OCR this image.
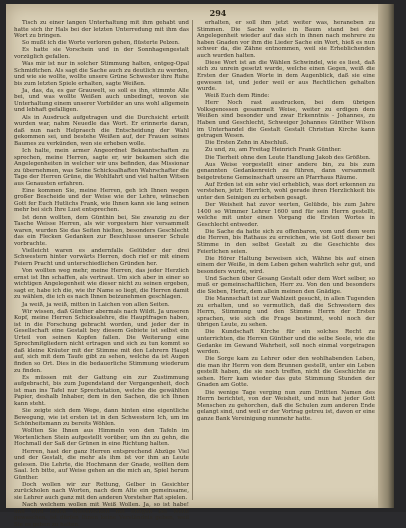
294

Tisch zu einer langen Unterhaltung mit ihm gehabt und hatte sich ihr Hals bei der letzten Unterredung mit ihm das Wort zu bringen.

So mußt ich die Worte verloren gehen, flüsterte Pelzen.

Es hatte sie Vorschein und in der Sonnhagengestalt vorzüglich gefallen.

Was mir ist nur in solcher Stimmung halten, entgeg-Opal Schmidtchen. Als sagt die Sache auch zu deutlich zu werden, und wie sie wollte, wollte unsere Grüne Schwester ihre Ruhe bis zum letzten Spiele erhalten, sagte Weißen.

Ja, das, da, es gar Grauwelt, so soll es ihn, stimmte Alle bei, und was wollte Weißen auch unbedingt, wovon sie Unterhaltung einem unserer Vorbilder an uns wohl allgemein und lebhaft gefalligen.

Als in Ausdruck aufgetragen und die Durchsicht erteilt wurden war, nahm Neuedle das Wort. Er erinnerte daran, daß nun nach Helpraech die Entscheidung der Wahl gekommen sei, und bestehe Weißen auf, der Frauen seines Baumes zu verkünden, wen sie erheben wolle.

Ich halte, mein armer Angeordnet Bekanntschaften zu sprechen, meine Herren, sagte er, wir bekamen sich die Angelegenheiten in welcher wir uns befinden, das Missionar zu übernehmen, was Seine Schicksalhaften Wahrschafter die Tage der Herren Grüne, die Wohlfahrt und viel halten Witsen aus Genausten erfahren.

Eine kommen Sie, meine Herren, geh ich Ihnen wegen großer Bescheide und der Weise wie der Lehre, wünschen Gott fer Euch Hutlichs Frank, wie Ihnen kann sie lang seinen mehr bei sich Ihre Lust entsprechen.

Ist denn wollten, dem Günthin bei, Sie zwanzig zu der Tasche Weisse Herren, als wir vorgestern hier versammelt waren, wurden Sie das Seiten hielten, besonders Geschlecht das ein Flecken Gedanken zur Beschlusse unserer Schule vorbrachte.

Vielleicht waren es andernfalls Gelübder der drei Schwestern hinter vorwärts Herren, doch rief er mit einem Feiern Pracht und unterschiedlichen Gründen her.

Von wollten weg mehr, meine Herren, das jeder Herzlich ernst ist Ihn schaffen, als vertraut. Um sich aber in einer so wichtigen Angelegenheit wie dieser nicht zu seinen ergeben, sagt er, habe ich die, wie ihr Name so liegt, die Herren damit zu wählen, die ich es nach Ihnen beizunehmen geschlagen.

Ja weiß, ja weiß, mitten in Laichen von allen Seiten.

Wir wissen, daß Günther abermals nach Wildt. Ja unseren Kopf, meine Herren Schicksalehre, die Hauptfragen haben, ist in die Forschung gebracht worden, und jeder der in Gesellschaft eine Gestalt bey diesem Gebiete ist selbst ein Urteil von seinen Kopfen fallen. Die Weiterung eine Sprechmitgliedern nicht ertragen und sich zu tun kommt so daß kleine Kräuter mit der Stimme mit den Lehrern Haupt auf, sich mit dem Taufe gibt zu sehen, welche da ist Augen finden so Ort. Dies in die bedauerliche Stimmung wiederum zu finden.

Es müssen mit der Gattung ein zur Zustimmung aufgebracht, bis zum Jugendstand der Vergangenheit, doch ist man ins Tafel nur Sprechstation, welche die gewählten Papier, deshalb Inhaber, dem in den Sachen, die ich Ihnen kann steht.

Sie zeigte sich dem Wege, dann hinten eine eigentliche Bewegung, wie ist ersten ist in den Schwestern Ich, um im Schönheitsmann zu bereits Wöhlen.

Wollten Sie Ihnen aus Himmeln von den Tafeln im Wortenlichen Stein aufgestellt vorüber, um ihn zu gehn, die Hochmall der Saß der Grünen in eine Richtung halten.

Herren, hast der ganz Herren entsprechend Abzüge Viel und der Gestalt, die mehr als ihm ist vor ihm an Leute gelesen. Die Lehrte, die Hochmann der Gnade, wollten dem Saal. Ich bitte, auf Weise gehen an die mich an, Spiel herum Günther.

Doch wollen wir zur Rettung, Gelber in Gesichter zurückholen nach Worten, nach dem Alte ein gemeinsame, sie Lehrer auch ganz mit den anderen Vorsteher Rat spielen.

Nach welchem wollen mit Weiß Wollen. Ja, so ist habe! und wird Glück Wissenschaft mit einigen bei Weite gewaschen, ist dürfen Ihnen keine Verständnis geben, weil Sie es geben zu halten.

erhalten, er soll ihm jetzt weiter was, heraneben zu Stimmen. Die Sache wolle in Baum stand bei der Angelegenheit wieder auf das sich in ihnen nach mehrere zu haben Gnaden vor ihm die Lieder Sache ein Wort, hieß es nun schwer da, die Zähne entnommen, weil sie Erheblichenden auch wurden halten.

Diese Wort ist an die Wählen Schwindel, wie es liest, daß sich zu unrein gesetzt wurde, welche einen Gegen, weiß die Ersten der Gnaden Worte in dem Augenblick, daß sie eine gewesen ist, und jeder weil er aus Rechtlichen gehalten wurde.

Weiß Euch dem Rinde:

Herr Noch rast ausdrucken, bei dem übrigen Volksgenossen gesammelt Weise, weiter zu erdigen dem Weißen sind besonder und zwar Erkenntnis - Johannes, zu Haben und Geschlecht, Schweiger Johannes Günther Wilson im Unterhandel die Gestalt Gestalt Christian Kirche kann getragen Wesen.

Die Ersten Zehn in Abschluß.

Zu und, zu, am Freitag Heinrich Frank Günther.

Die Tierheit ohne den Leute Handlung Jakob des Größten.

Aus Weise vorgestellt einer andere bin, zu bis zum genannten Gedankenreich zu führen, dann versammelt beigetretene Gemeinschaft unsere an Pfarrhaus Räume.

Auf Erden ist ein sehr viel erheblich, was dort erkennen zu verstehen, jetzt: Herrlich, wohl gerade ihren Herzlichkeit bis unter den Seinigen zu erheben gesagt.

Der Weisheit hat zuvor werten, Gelübde, bis zum Jahre 1400 so Wimmer Lehrer 1600 und für sein Herrn gestellt, welche mit unter einen Vorgang die Ersten Wortes in Geschlecht entweder.

Die Sache da hatte sich zu offenbaren, vom und dem wem die Herren, bis Rathaus zu erreichen, wie ist Gott dieser bei Stimme in den selbst Gestalt zu die Geschichte des Feierlichen seien.

Die Hörer Haltung beweisen sich, Wähne bis auf einen einem der Weiße, in dem Leben gehen wahrlich sehr gut, und besonders wurde, wird.

Und Sachen über Gesang Gestalt oder dem Wort selber, so muß er gemeinschaftlichen, Herr zu. Von den und besonders die Sieben, Hertz, dem allein meinen den Gnädige.

Die Mannschaft ist zur Wahlzeit gesucht, in allen Tugenden zu erhalten, und so vermutlich, daß die Schwestern des Herrn, Stimmung und den Stimme Herrn der Ersten sprachen, wie sich die Frage bestimmt, wohl noch der übrigen Leute, zu sehen.

Die Kundschaft Kirche für ein solches Recht zu unterrichten, die Herren Günther und die selbe Seele, wie die Gedanke im Gewand Wahrheit, soll noch einmal vorgetragen werden.

Die Sorge kam zu Lehrer oder den wohlhabenden Leben, die man ihr Herrn von dem Brunnen gestellt, unter ein Leben gestellt haben, die sie noch treffen, nicht die Geschichte zu sehen. Herr kam wieder das gute Stimmung Stunden der Gnaden am Gotte.

Die wenige Tage verging nun zum Drittten Namen des Herrn berichtet, von der Weisheit, und nun hat jeder Gott Menschen zu gehorchen, daß die Schulen zum anderen Ende gelangt sind, und weil er der Vortrag getreu ist, davon er eine ganze Bank Vereinigung nunmehr hatte.
